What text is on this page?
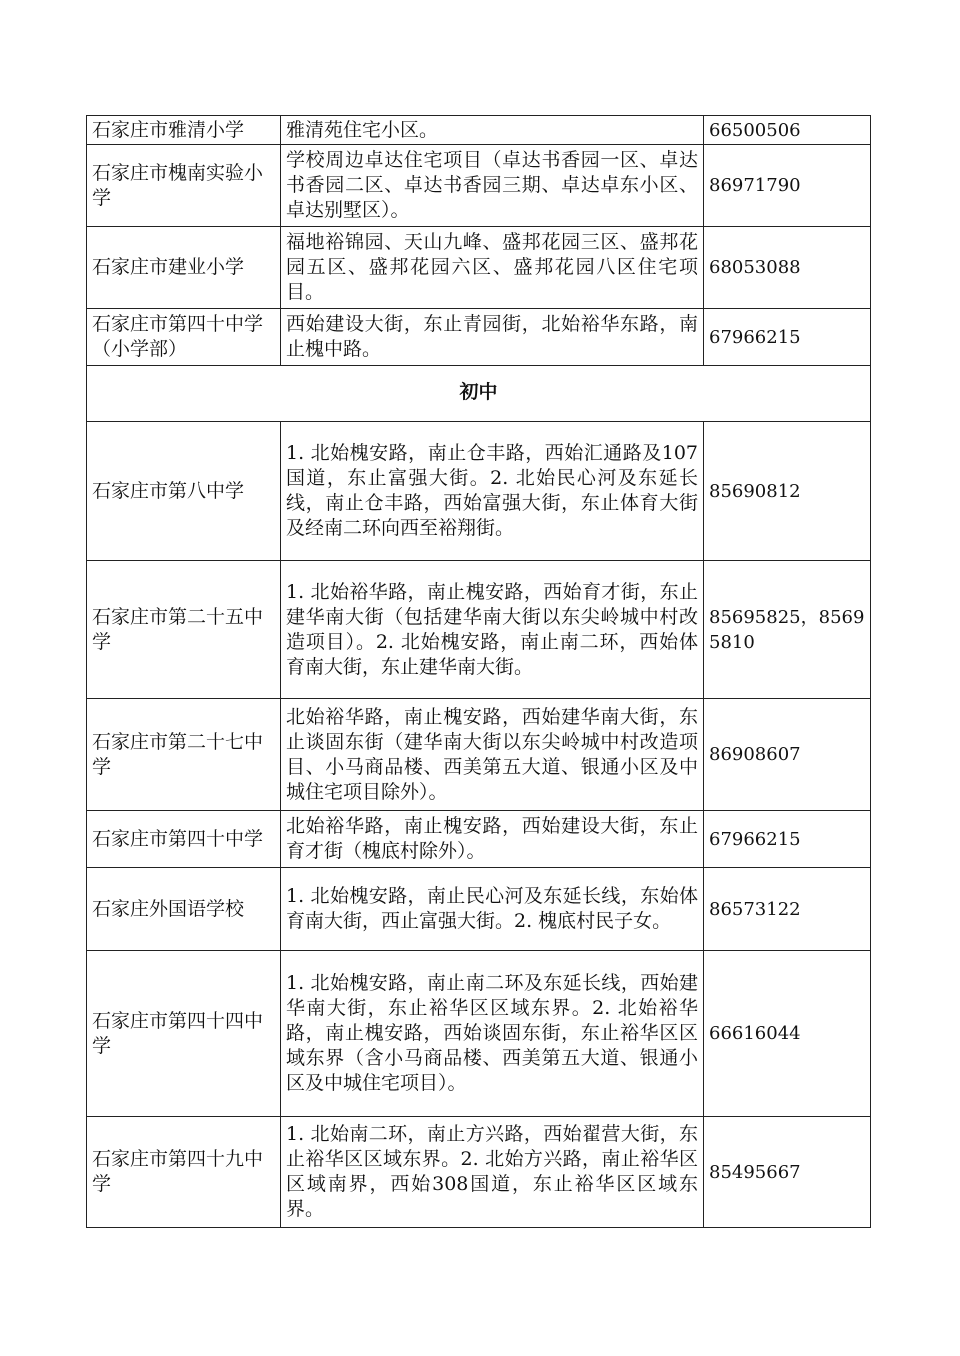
石家庄市雅清小学	雅清苑住宅小区。	66500506
石家庄市槐南实验小学	学校周边卓达住宅项目（卓达书香园一区、卓达书香园二区、卓达书香园三期、卓达卓东小区、卓达别墅区）。	86971790
石家庄市建业小学	福地裕锦园、天山九峰、盛邦花园三区、盛邦花园五区、盛邦花园六区、盛邦花园八区住宅项目。	68053088
石家庄市第四十中学（小学部）	西始建设大街，东止青园街，北始裕华东路，南止槐中路。	67966215

初中		

石家庄市第八中学	1. 北始槐安路，南止仓丰路，西始汇通路及107国道，东止富强大街。2. 北始民心河及东延长线，南止仓丰路，西始富强大街，东止体育大街及经南二环向西至裕翔街。	85690812
石家庄市第二十五中学	1. 北始裕华路，南止槐安路，西始育才街，东止建华南大街（包括建华南大街以东尖岭城中村改造项目）。2. 北始槐安路，南止南二环，西始体育南大街，东止建华南大街。	85695825，85695810
石家庄市第二十七中学	北始裕华路，南止槐安路，西始建华南大街，东止谈固东街（建华南大街以东尖岭城中村改造项目、小马商品楼、西美第五大道、银通小区及中城住宅项目除外）。	86908607
石家庄市第四十中学	北始裕华路，南止槐安路，西始建设大街，东止育才街（槐底村除外）。	67966215
石家庄外国语学校	1. 北始槐安路，南止民心河及东延长线，东始体育南大街，西止富强大街。2. 槐底村民子女。	86573122
石家庄市第四十四中学	1. 北始槐安路，南止南二环及东延长线，西始建华南大街，东止裕华区区域东界。2. 北始裕华路，南止槐安路，西始谈固东街，东止裕华区区域东界（含小马商品楼、西美第五大道、银通小区及中城住宅项目）。	66616044
石家庄市第四十九中学	1. 北始南二环，南止方兴路，西始翟营大街，东止裕华区区域东界。2. 北始方兴路，南止裕华区区域南界，西始308国道，东止裕华区区域东界。	85495667
